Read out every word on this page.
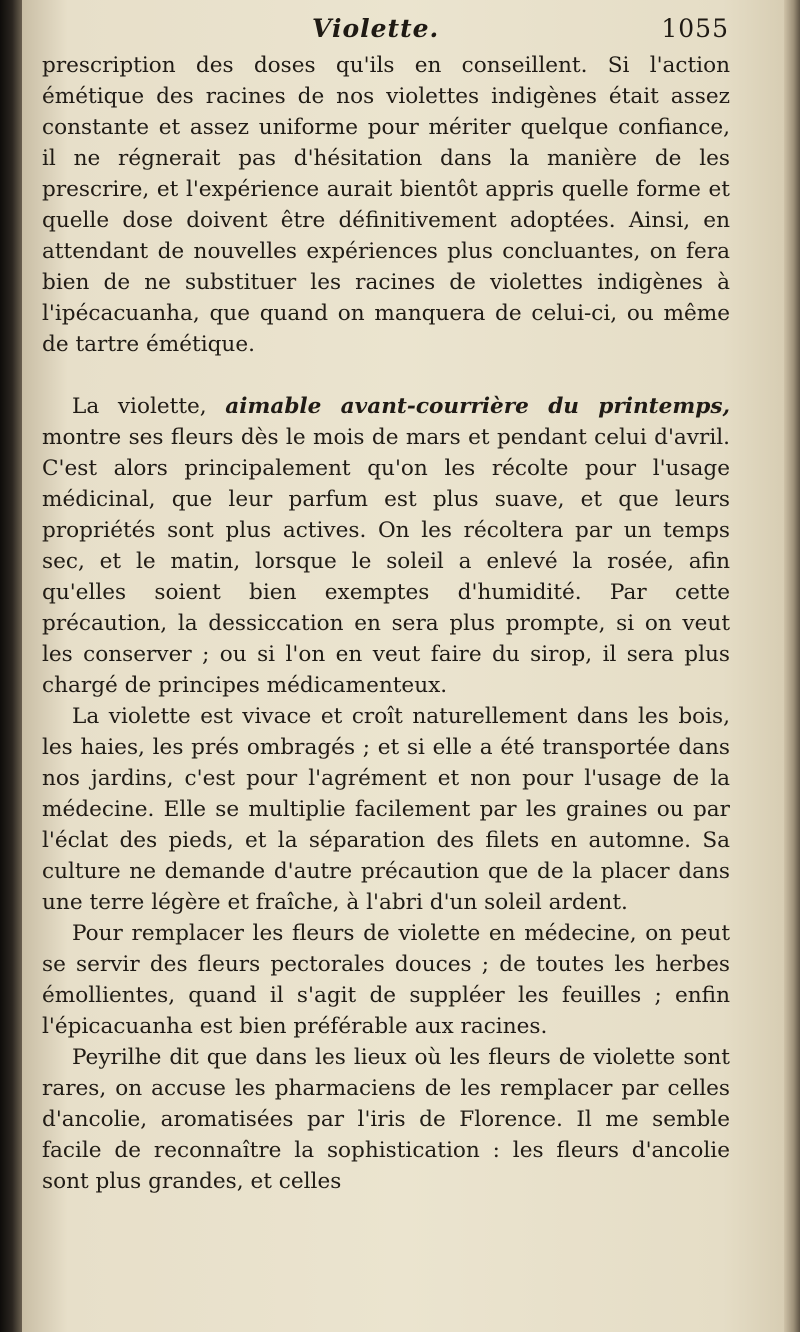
Violette.	1055

prescription des doses qu'ils en conseillent. Si l'action émétique des racines de nos violettes indigènes était assez constante et assez uniforme pour mériter quelque confiance, il ne régnerait pas d'hésitation dans la manière de les prescrire, et l'expérience aurait bientôt appris quelle forme et quelle dose doivent être définitivement adoptées. Ainsi, en attendant de nouvelles expériences plus concluantes, on fera bien de ne substituer les racines de violettes indigènes à l'ipécacuanha, que quand on manquera de celui-ci, ou même de tartre émétique.

La violette, aimable avant-courrière du printemps, montre ses fleurs dès le mois de mars et pendant celui d'avril. C'est alors principalement qu'on les récolte pour l'usage médicinal, que leur parfum est plus suave, et que leurs propriétés sont plus actives. On les récoltera par un temps sec, et le matin, lorsque le soleil a enlevé la rosée, afin qu'elles soient bien exemptes d'humidité. Par cette précaution, la dessiccation en sera plus prompte, si on veut les conserver ; ou si l'on en veut faire du sirop, il sera plus chargé de principes médicamenteux.

La violette est vivace et croît naturellement dans les bois, les haies, les prés ombragés ; et si elle a été transportée dans nos jardins, c'est pour l'agrément et non pour l'usage de la médecine. Elle se multiplie facilement par les graines ou par l'éclat des pieds, et la séparation des filets en automne. Sa culture ne demande d'autre précaution que de la placer dans une terre légère et fraîche, à l'abri d'un soleil ardent.

Pour remplacer les fleurs de violette en médecine, on peut se servir des fleurs pectorales douces ; de toutes les herbes émollientes, quand il s'agit de suppléer les feuilles ; enfin l'épicacuanha est bien préférable aux racines.

Peyrilhe dit que dans les lieux où les fleurs de violette sont rares, on accuse les pharmaciens de les remplacer par celles d'ancolie, aromatisées par l'iris de Florence. Il me semble facile de reconnaître la sophistication : les fleurs d'ancolie sont plus grandes, et celles
